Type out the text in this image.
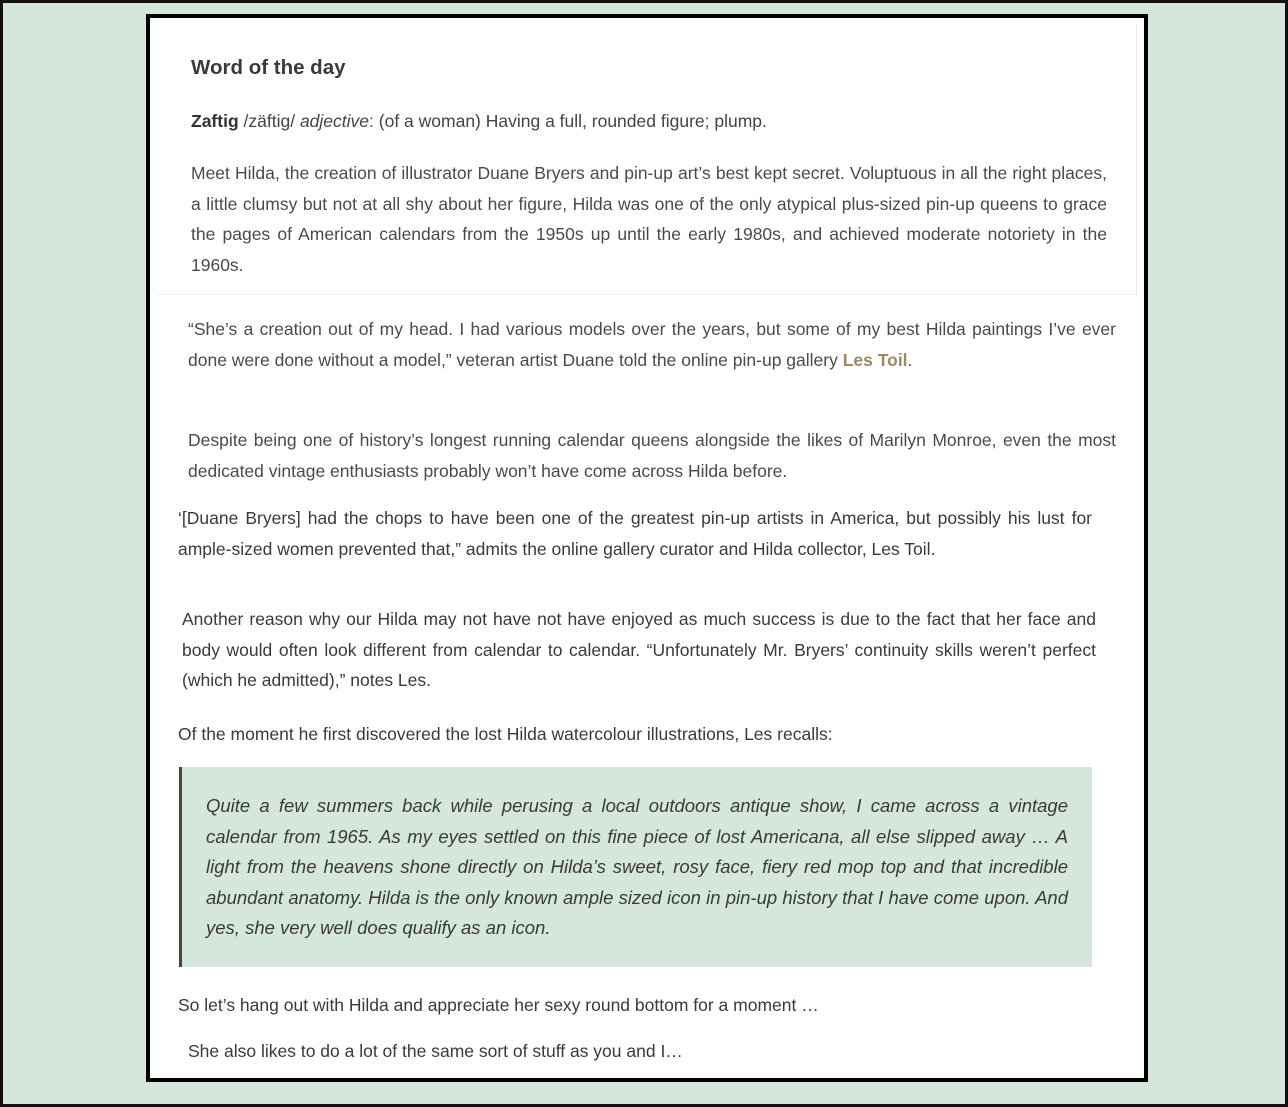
Word of the day

Zaftig /zäftig/ adjective: (of a woman) Having a full, rounded figure; plump.

Meet Hilda, the creation of illustrator Duane Bryers and pin-up art’s best kept secret. Voluptuous in all the right places, a little clumsy but not at all shy about her figure, Hilda was one of the only atypical plus-sized pin-up queens to grace the pages of American calendars from the 1950s up until the early 1980s, and achieved moderate notoriety in the 1960s.

“She’s a creation out of my head. I had various models over the years, but some of my best Hilda paintings I’ve ever done were done without a model,” veteran artist Duane told the online pin-up gallery Les Toil.

Despite being one of history’s longest running calendar queens alongside the likes of Marilyn Monroe, even the most dedicated vintage enthusiasts probably won’t have come across Hilda before.

‘[Duane Bryers] had the chops to have been one of the greatest pin-up artists in America, but possibly his lust for ample-sized women prevented that,” admits the online gallery curator and Hilda collector, Les Toil.

Another reason why our Hilda may not have not have enjoyed as much success is due to the fact that her face and body would often look different from calendar to calendar. “Unfortunately Mr. Bryers’ continuity skills weren’t perfect (which he admitted),” notes Les.

Of the moment he first discovered the lost Hilda watercolour illustrations, Les recalls:

Quite a few summers back while perusing a local outdoors antique show, I came across a vintage calendar from 1965. As my eyes settled on this fine piece of lost Americana, all else slipped away … A light from the heavens shone directly on Hilda’s sweet, rosy face, fiery red mop top and that incredible abundant anatomy. Hilda is the only known ample sized icon in pin-up history that I have come upon. And yes, she very well does qualify as an icon.

So let’s hang out with Hilda and appreciate her sexy round bottom for a moment …

She also likes to do a lot of the same sort of stuff as you and I…
